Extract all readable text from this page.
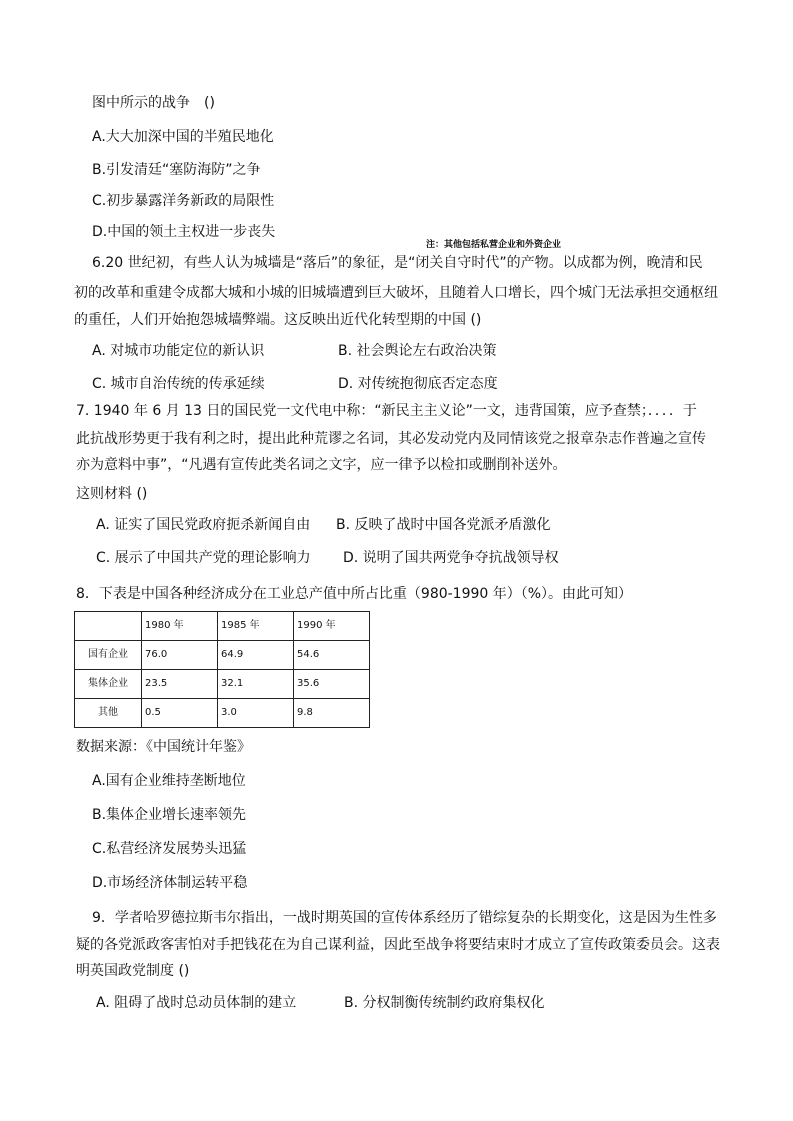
图中所示的战争　()
A.大大加深中国的半殖民地化
B.引发清廷“塞防海防”之争
C.初步暴露洋务新政的局限性
D.中国的领土主权进一步丧失
注：其他包括私营企业和外资企业
6.20 世纪初，有些人认为城墙是“落后”的象征，是“闭关自守时代”的产物。以成都为例，晚清和民
初的改革和重建令成都大城和小城的旧城墙遭到巨大破坏，且随着人口增长，四个城门无法承担交通枢纽
的重任，人们开始抱怨城墙弊端。这反映出近代化转型期的中国 ()
A. 对城市功能定位的新认识	B. 社会舆论左右政治决策
C. 城市自治传统的传承延续	D. 对传统抱彻底否定态度
7. 1940 年 6 月 13 日的国民党一文代电中称：“新民主主义论”一文，违背国策，应予查禁；．．．．于
此抗战形势更于我有利之时，提出此种荒谬之名词，其必发动党内及同情该党之报章杂志作普遍之宣传
亦为意料中事”，“凡遇有宣传此类名词之文字，应一律予以检扣或删削补送外。
这则材料 ()
A. 证实了国民党政府扼杀新闻自由 B. 反映了战时中国各党派矛盾激化
C. 展示了中国共产党的理论影响力 D. 说明了国共两党争夺抗战领导权
8．下表是中国各种经济成分在工业总产值中所占比重（980-1990 年）（%）。由此可知）
	1980 年	1985 年	1990 年
国有企业	76.0	64.9	54.6
集体企业	23.5	32.1	35.6
其他	0.5	3.0	9.8
数据来源：《中国统计年鉴》
A.国有企业维持垄断地位
B.集体企业增长速率领先
C.私营经济发展势头迅猛
D.市场经济体制运转平稳
9．学者哈罗德拉斯韦尔指出，一战时期英国的宣传体系经历了错综复杂的长期变化，这是因为生性多
疑的各党派政客害怕对手把钱花在为自己谋利益，因此至战争将要结束时才成立了宣传政策委员会。这表
明英国政党制度 ()
A. 阻碍了战时总动员体制的建立	B. 分权制衡传统制约政府集权化
